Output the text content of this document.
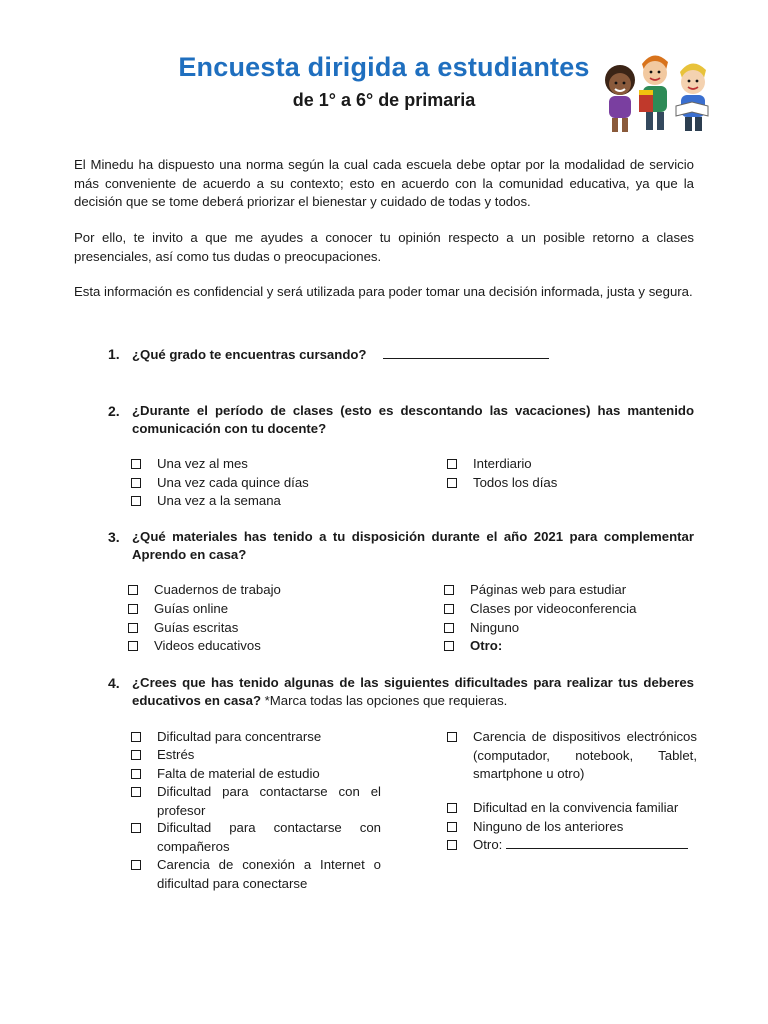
Encuesta dirigida a estudiantes
de 1° a 6° de primaria
El Minedu ha dispuesto una norma según la cual cada escuela debe optar por la modalidad de servicio más conveniente de acuerdo a su contexto; esto en acuerdo con la comunidad educativa, ya que la decisión que se tome deberá priorizar el bienestar y cuidado de todas y todos.
Por ello, te invito a que me ayudes a conocer tu opinión respecto a un posible retorno a clases presenciales, así como tus dudas o preocupaciones.
Esta información es confidencial y será utilizada para poder tomar una decisión informada, justa y segura.
1. ¿Qué grado te encuentras cursando?
2. ¿Durante el período de clases (esto es descontando las vacaciones) has mantenido comunicación con tu docente?
Una vez al mes
Una vez cada quince días
Una vez a la semana
Interdiario
Todos los días
3. ¿Qué materiales has tenido a tu disposición durante el año 2021 para complementar Aprendo en casa?
Cuadernos de trabajo
Guías online
Guías escritas
Videos educativos
Páginas web para estudiar
Clases por videoconferencia
Ninguno
Otro:
4. ¿Crees que has tenido algunas de las siguientes dificultades para realizar tus deberes educativos en casa? *Marca todas las opciones que requieras.
Dificultad para concentrarse
Estrés
Falta de material de estudio
Dificultad para contactarse con el profesor
Dificultad para contactarse con compañeros
Carencia de conexión a Internet o dificultad para conectarse
Carencia de dispositivos electrónicos (computador, notebook, Tablet, smartphone u otro)
Dificultad en la convivencia familiar
Ninguno de los anteriores
Otro:
